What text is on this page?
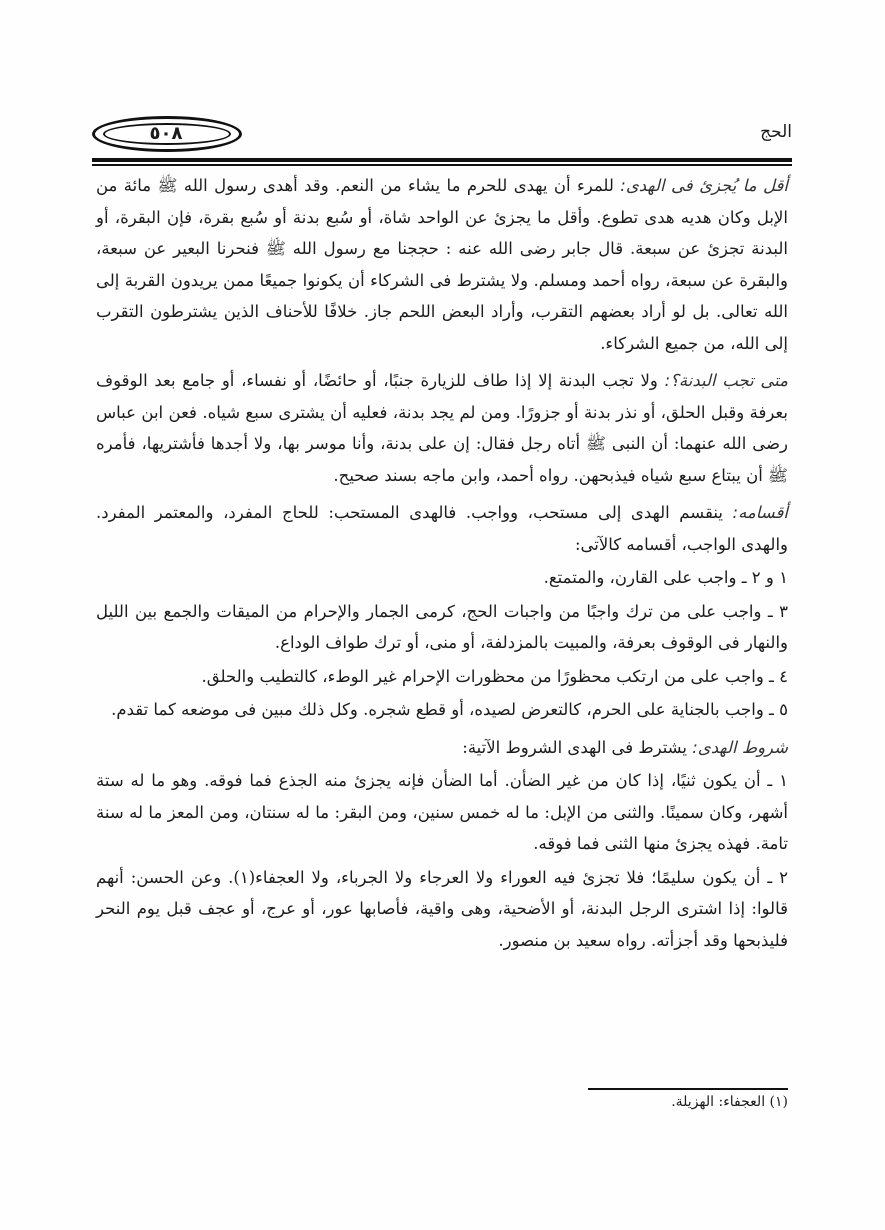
٥٠٨	الحج

أقل ما يُجزئ فى الهدى: للمرء أن يهدى للحرم ما يشاء من النعم. وقد أهدى رسول الله ﷺ مائة من الإبل وكان هديه هدى تطوع. وأقل ما يجزئ عن الواحد شاة، أو سُبع بدنة أو سُبع بقرة، فإن البقرة، أو البدنة تجزئ عن سبعة. قال جابر رضى الله عنه : حججنا مع رسول الله ﷺ فنحرنا البعير عن سبعة، والبقرة عن سبعة، رواه أحمد ومسلم. ولا يشترط فى الشركاء أن يكونوا جميعًا ممن يريدون القربة إلى الله تعالى. بل لو أراد بعضهم التقرب، وأراد البعض اللحم جاز. خلافًا للأحناف الذين يشترطون التقرب إلى الله، من جميع الشركاء.

متى تجب البدنة؟: ولا تجب البدنة إلا إذا طاف للزيارة جنبًا، أو حائضًا، أو نفساء، أو جامع بعد الوقوف بعرفة وقبل الحلق، أو نذر بدنة أو جزورًا. ومن لم يجد بدنة، فعليه أن يشترى سبع شياه. فعن ابن عباس رضى الله عنهما: أن النبى ﷺ أتاه رجل فقال: إن على بدنة، وأنا موسر بها، ولا أجدها فأشتريها، فأمره ﷺ أن يبتاع سبع شياه فيذبحهن. رواه أحمد، وابن ماجه بسند صحيح.

أقسامه: ينقسم الهدى إلى مستحب، وواجب. فالهدى المستحب: للحاج المفرد، والمعتمر المفرد. والهدى الواجب، أقسامه كالآتى:

١ و ٢ ـ واجب على القارن، والمتمتع.

٣ ـ واجب على من ترك واجبًا من واجبات الحج، كرمى الجمار والإحرام من الميقات والجمع بين الليل والنهار فى الوقوف بعرفة، والمبيت بالمزدلفة، أو منى، أو ترك طواف الوداع.

٤ ـ واجب على من ارتكب محظورًا من محظورات الإحرام غير الوطء، كالتطيب والحلق.

٥ ـ واجب بالجناية على الحرم، كالتعرض لصيده، أو قطع شجره. وكل ذلك مبين فى موضعه كما تقدم.

شروط الهدى: يشترط فى الهدى الشروط الآتية:

١ ـ أن يكون ثنيًا، إذا كان من غير الضأن. أما الضأن فإنه يجزئ منه الجذع فما فوقه. وهو ما له ستة أشهر، وكان سمينًا. والثنى من الإبل: ما له خمس سنين، ومن البقر: ما له سنتان، ومن المعز ما له سنة تامة. فهذه يجزئ منها الثنى فما فوقه.

٢ ـ أن يكون سليمًا؛ فلا تجزئ فيه العوراء ولا العرجاء ولا الجرباء، ولا العجفاء(١). وعن الحسن: أنهم قالوا: إذا اشترى الرجل البدنة، أو الأضحية، وهى واقية، فأصابها عور، أو عرج، أو عجف قبل يوم النحر فليذبحها وقد أجزأته. رواه سعيد بن منصور.

(١) العجفاء: الهزيلة.
